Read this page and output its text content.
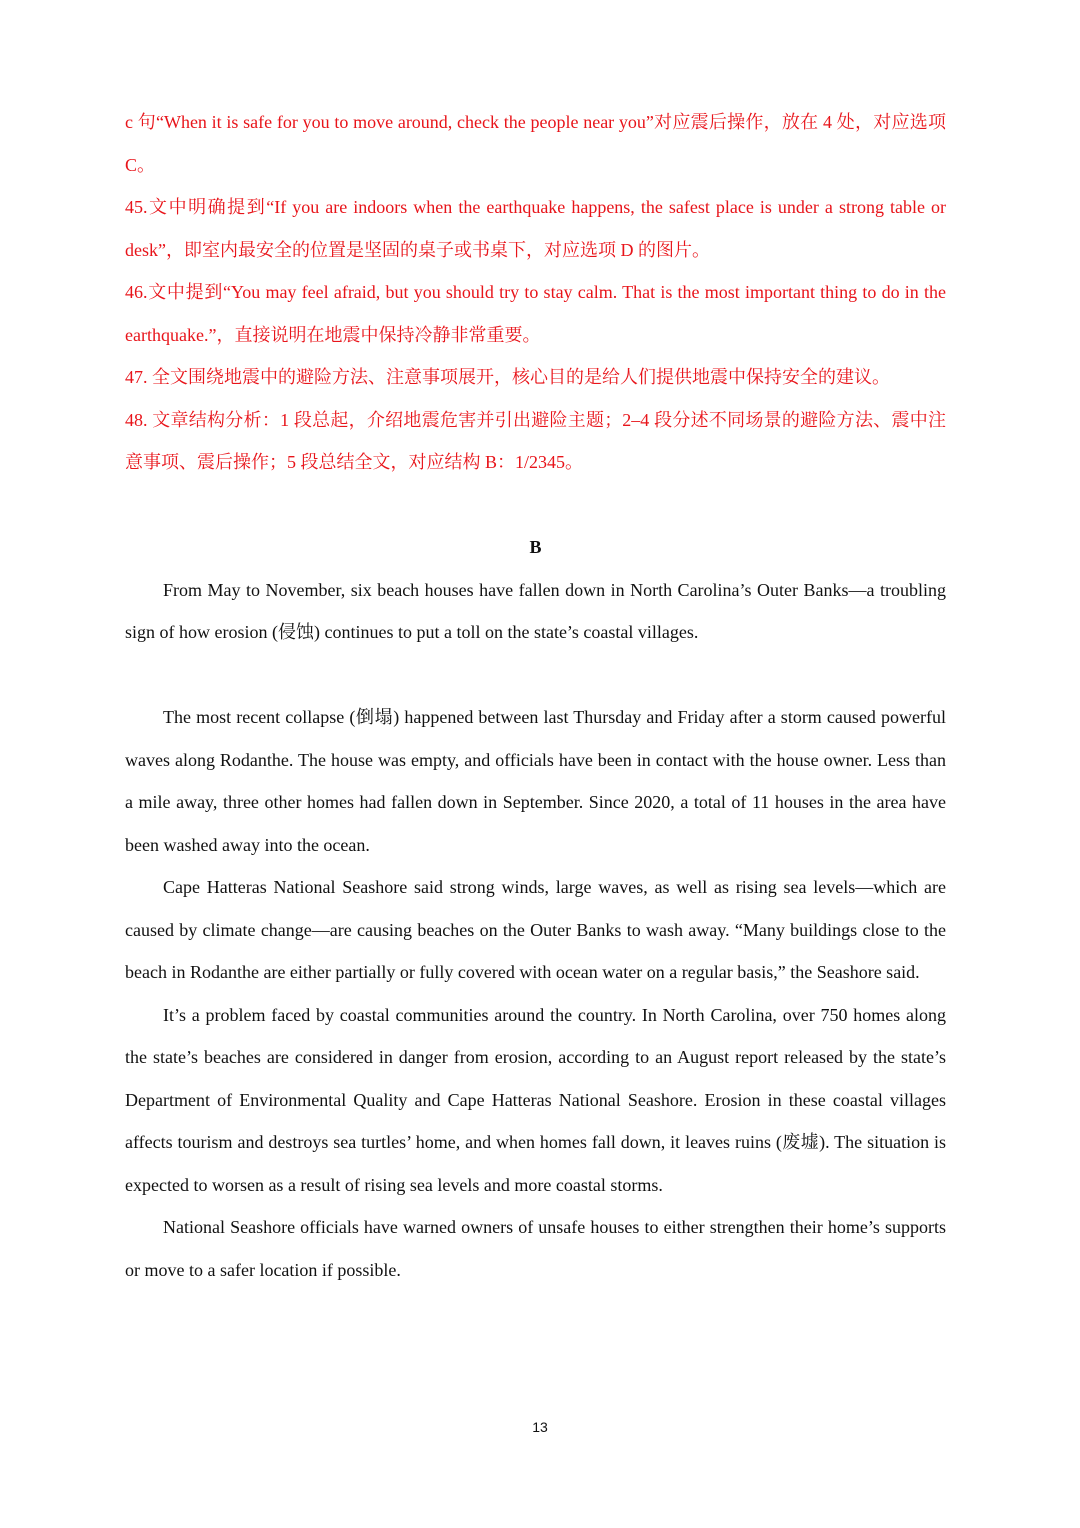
c 句“When it is safe for you to move around, check the people near you”对应震后操作，放在 4 处，对应选项 C。

45.文中明确提到“If you are indoors when the earthquake happens, the safest place is under a strong table or desk”，即室内最安全的位置是坚固的桌子或书桌下，对应选项 D 的图片。

46.文中提到“You may feel afraid, but you should try to stay calm. That is the most important thing to do in the earthquake.”，直接说明在地震中保持冷静非常重要。

47. 全文围绕地震中的避险方法、注意事项展开，核心目的是给人们提供地震中保持安全的建议。

48. 文章结构分析：1 段总起，介绍地震危害并引出避险主题；2–4 段分述不同场景的避险方法、震中注意事项、震后操作；5 段总结全文，对应结构 B：1/2345。

B

From May to November, six beach houses have fallen down in North Carolina’s Outer Banks—a troubling sign of how erosion (侵蚀) continues to put a toll on the state’s coastal villages.

The most recent collapse (倒塌) happened between last Thursday and Friday after a storm caused powerful waves along Rodanthe. The house was empty, and officials have been in contact with the house owner. Less than a mile away, three other homes had fallen down in September. Since 2020, a total of 11 houses in the area have been washed away into the ocean.

Cape Hatteras National Seashore said strong winds, large waves, as well as rising sea levels—which are caused by climate change—are causing beaches on the Outer Banks to wash away. “Many buildings close to the beach in Rodanthe are either partially or fully covered with ocean water on a regular basis,” the Seashore said.

It’s a problem faced by coastal communities around the country. In North Carolina, over 750 homes along the state’s beaches are considered in danger from erosion, according to an August report released by the state’s Department of Environmental Quality and Cape Hatteras National Seashore. Erosion in these coastal villages affects tourism and destroys sea turtles’ home, and when homes fall down, it leaves ruins (废墟). The situation is expected to worsen as a result of rising sea levels and more coastal storms.

National Seashore officials have warned owners of unsafe houses to either strengthen their home’s supports or move to a safer location if possible.

13
